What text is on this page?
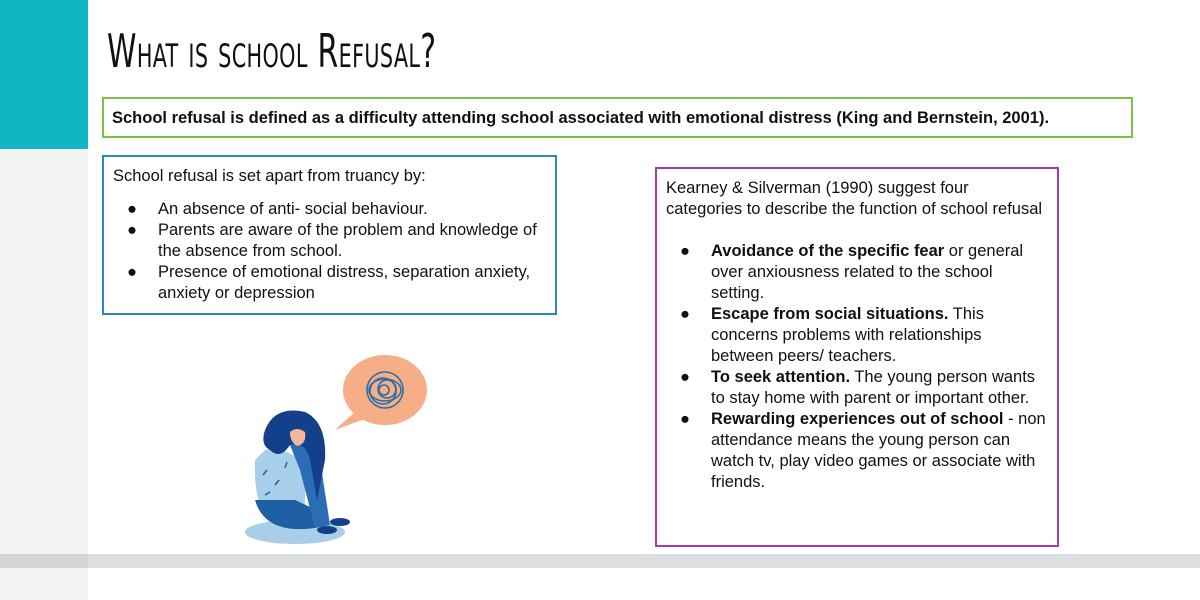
What is school Refusal?
School refusal is defined as a difficulty attending school associated with emotional distress (King and Bernstein, 2001).
School refusal is set apart from truancy by:
● An absence of anti- social behaviour.
● Parents are aware of the problem and knowledge of the absence from school.
● Presence of emotional distress, separation anxiety, anxiety or depression
Kearney & Silverman (1990) suggest four categories to describe the function of school refusal
● Avoidance of the specific fear or general over anxiousness related to the school setting.
● Escape from social situations. This concerns problems with relationships between peers/ teachers.
● To seek attention. The young person wants to stay home with parent or important other.
● Rewarding experiences out of school - non attendance means the young person can watch tv, play video games or associate with friends.
